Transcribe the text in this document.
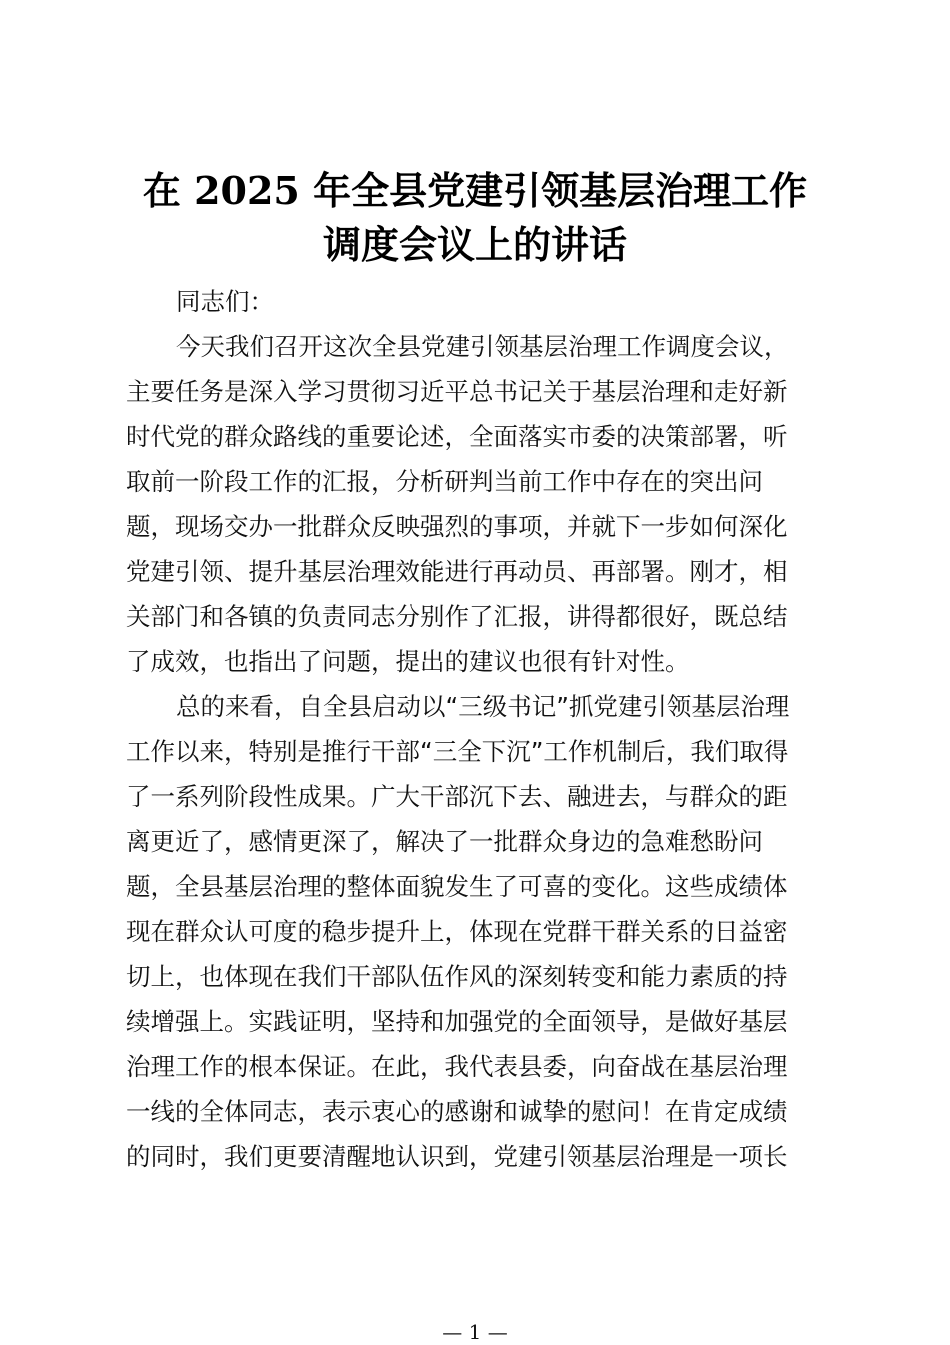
在 2025 年全县党建引领基层治理工作
调度会议上的讲话

同志们：

今天我们召开这次全县党建引领基层治理工作调度会议，
主要任务是深入学习贯彻习近平总书记关于基层治理和走好新
时代党的群众路线的重要论述，全面落实市委的决策部署，听
取前一阶段工作的汇报，分析研判当前工作中存在的突出问
题，现场交办一批群众反映强烈的事项，并就下一步如何深化
党建引领、提升基层治理效能进行再动员、再部署。刚才，相
关部门和各镇的负责同志分别作了汇报，讲得都很好，既总结
了成效，也指出了问题，提出的建议也很有针对性。

总的来看，自全县启动以“三级书记”抓党建引领基层治理
工作以来，特别是推行干部“三全下沉”工作机制后，我们取得
了一系列阶段性成果。广大干部沉下去、融进去，与群众的距
离更近了，感情更深了，解决了一批群众身边的急难愁盼问
题，全县基层治理的整体面貌发生了可喜的变化。这些成绩体
现在群众认可度的稳步提升上，体现在党群干群关系的日益密
切上，也体现在我们干部队伍作风的深刻转变和能力素质的持
续增强上。实践证明，坚持和加强党的全面领导，是做好基层
治理工作的根本保证。在此，我代表县委，向奋战在基层治理
一线的全体同志，表示衷心的感谢和诚挚的慰问！在肯定成绩
的同时，我们更要清醒地认识到，党建引领基层治理是一项长

— 1 —
